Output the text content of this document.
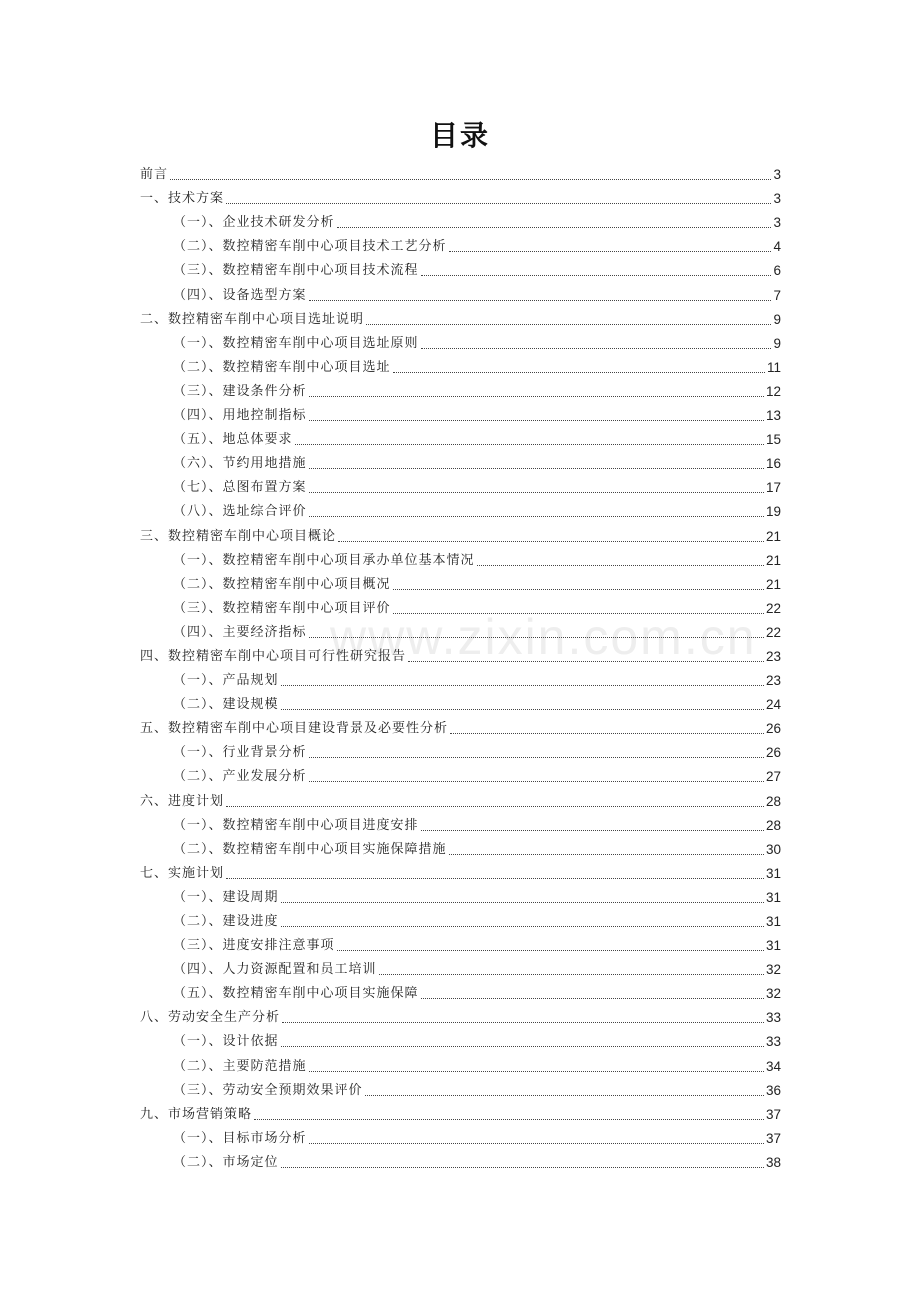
目录
前言	3
一、技术方案	3
（一）、企业技术研发分析	3
（二）、数控精密车削中心项目技术工艺分析	4
（三）、数控精密车削中心项目技术流程	6
（四）、设备选型方案	7
二、数控精密车削中心项目选址说明	9
（一）、数控精密车削中心项目选址原则	9
（二）、数控精密车削中心项目选址	11
（三）、建设条件分析	12
（四）、用地控制指标	13
（五）、地总体要求	15
（六）、节约用地措施	16
（七）、总图布置方案	17
（八）、选址综合评价	19
三、数控精密车削中心项目概论	21
（一）、数控精密车削中心项目承办单位基本情况	21
（二）、数控精密车削中心项目概况	21
（三）、数控精密车削中心项目评价	22
（四）、主要经济指标	22
四、数控精密车削中心项目可行性研究报告	23
（一）、产品规划	23
（二）、建设规模	24
五、数控精密车削中心项目建设背景及必要性分析	26
（一）、行业背景分析	26
（二）、产业发展分析	27
六、进度计划	28
（一）、数控精密车削中心项目进度安排	28
（二）、数控精密车削中心项目实施保障措施	30
七、实施计划	31
（一）、建设周期	31
（二）、建设进度	31
（三）、进度安排注意事项	31
（四）、人力资源配置和员工培训	32
（五）、数控精密车削中心项目实施保障	32
八、劳动安全生产分析	33
（一）、设计依据	33
（二）、主要防范措施	34
（三）、劳动安全预期效果评价	36
九、市场营销策略	37
（一）、目标市场分析	37
（二）、市场定位	38
www.zixin.com.cn
